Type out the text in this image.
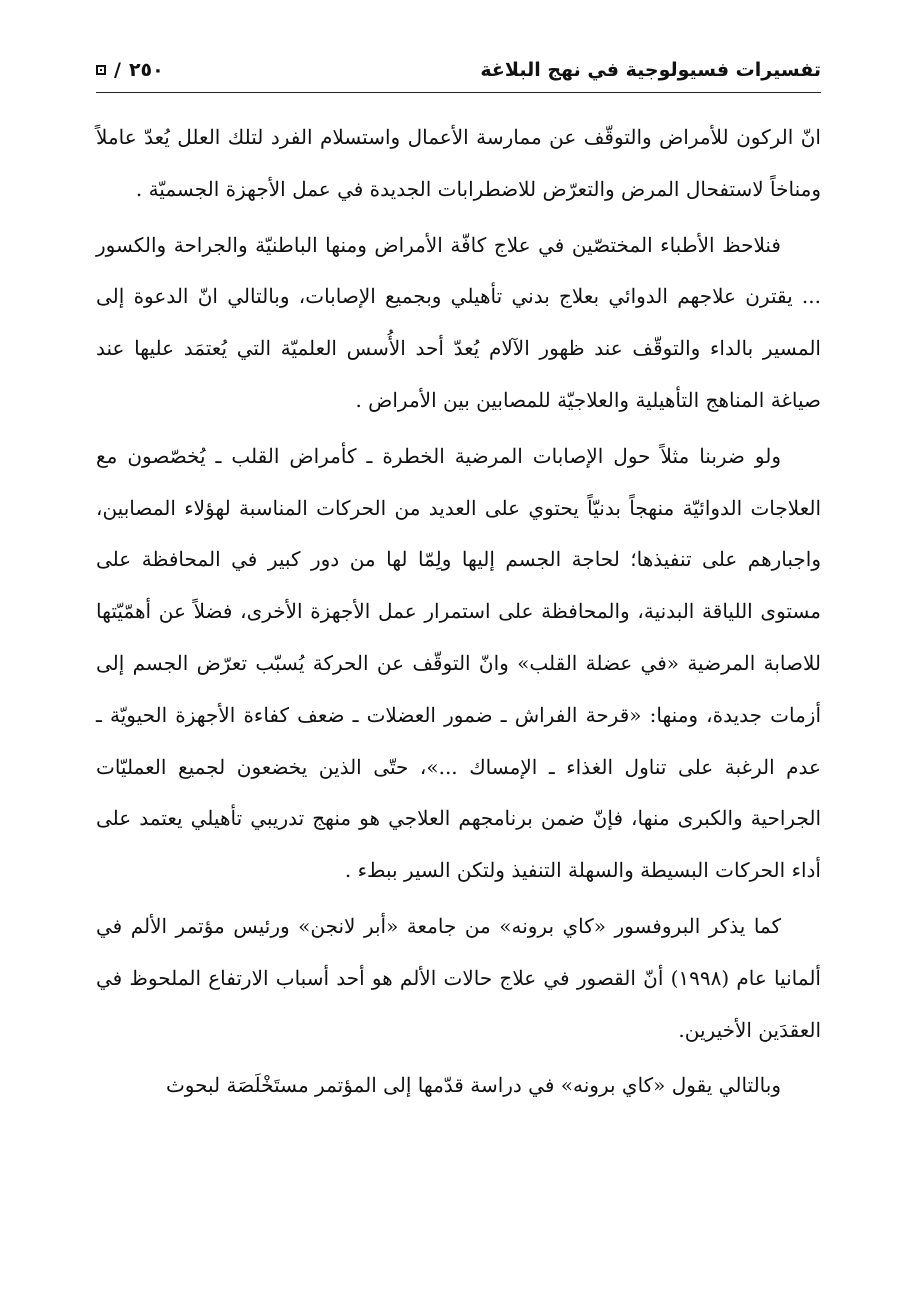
تفسيرات فسيولوجية في نهج البلاغة
٢٥٠
/

انّ الركون للأمراض والتوقّف عن ممارسة الأعمال واستسلام الفرد لتلك العلل يُعدّ عاملاً ومناخاً لاستفحال المرض والتعرّض للاضطرابات الجديدة في عمل الأجهزة الجسميّة .

فنلاحظ الأطباء المختصّين في علاج كافّة الأمراض ومنها الباطنيّة والجراحة والكسور ... يقترن علاجهم الدوائي بعلاج بدني تأهيلي وبجميع الإصابات، وبالتالي انّ الدعوة إلى المسير بالداء والتوقّف عند ظهور الآلام يُعدّ أحد الأُسس العلميّة التي يُعتمَد عليها عند صياغة المناهج التأهيلية والعلاجيّة للمصابين بين الأمراض .

ولو ضربنا مثلاً حول الإصابات المرضية الخطرة ـ كأمراض القلب ـ يُخصّصون مع العلاجات الدوائيّة منهجاً بدنيّاً يحتوي على العديد من الحركات المناسبة لهؤلاء المصابين، واجبارهم على تنفيذها؛ لحاجة الجسم إليها ولِمّا لها من دور كبير في المحافظة على مستوى اللياقة البدنية، والمحافظة على استمرار عمل الأجهزة الأخرى، فضلاً عن أهمّيّتها للاصابة المرضية «في عضلة القلب» وانّ التوقّف عن الحركة يُسبّب تعرّض الجسم إلى أزمات جديدة، ومنها: «قرحة الفراش ـ ضمور العضلات ـ ضعف كفاءة الأجهزة الحيويّة ـ عدم الرغبة على تناول الغذاء ـ الإمساك ...»، حتّى الذين يخضعون لجميع العمليّات الجراحية والكبرى منها، فإنّ ضمن برنامجهم العلاجي هو منهج تدريبي تأهيلي يعتمد على أداء الحركات البسيطة والسهلة التنفيذ ولتكن السير ببطء .

كما يذكر البروفسور «كاي برونه» من جامعة «أبر لانجن» ورئيس مؤتمر الألم في ألمانيا عام (١٩٩٨) أنّ القصور في علاج حالات الألم هو أحد أسباب الارتفاع الملحوظ في العقدَين الأخيرين.

وبالتالي يقول «كاي برونه» في دراسة قدّمها إلى المؤتمر مستَخْلَصَة لبحوث
